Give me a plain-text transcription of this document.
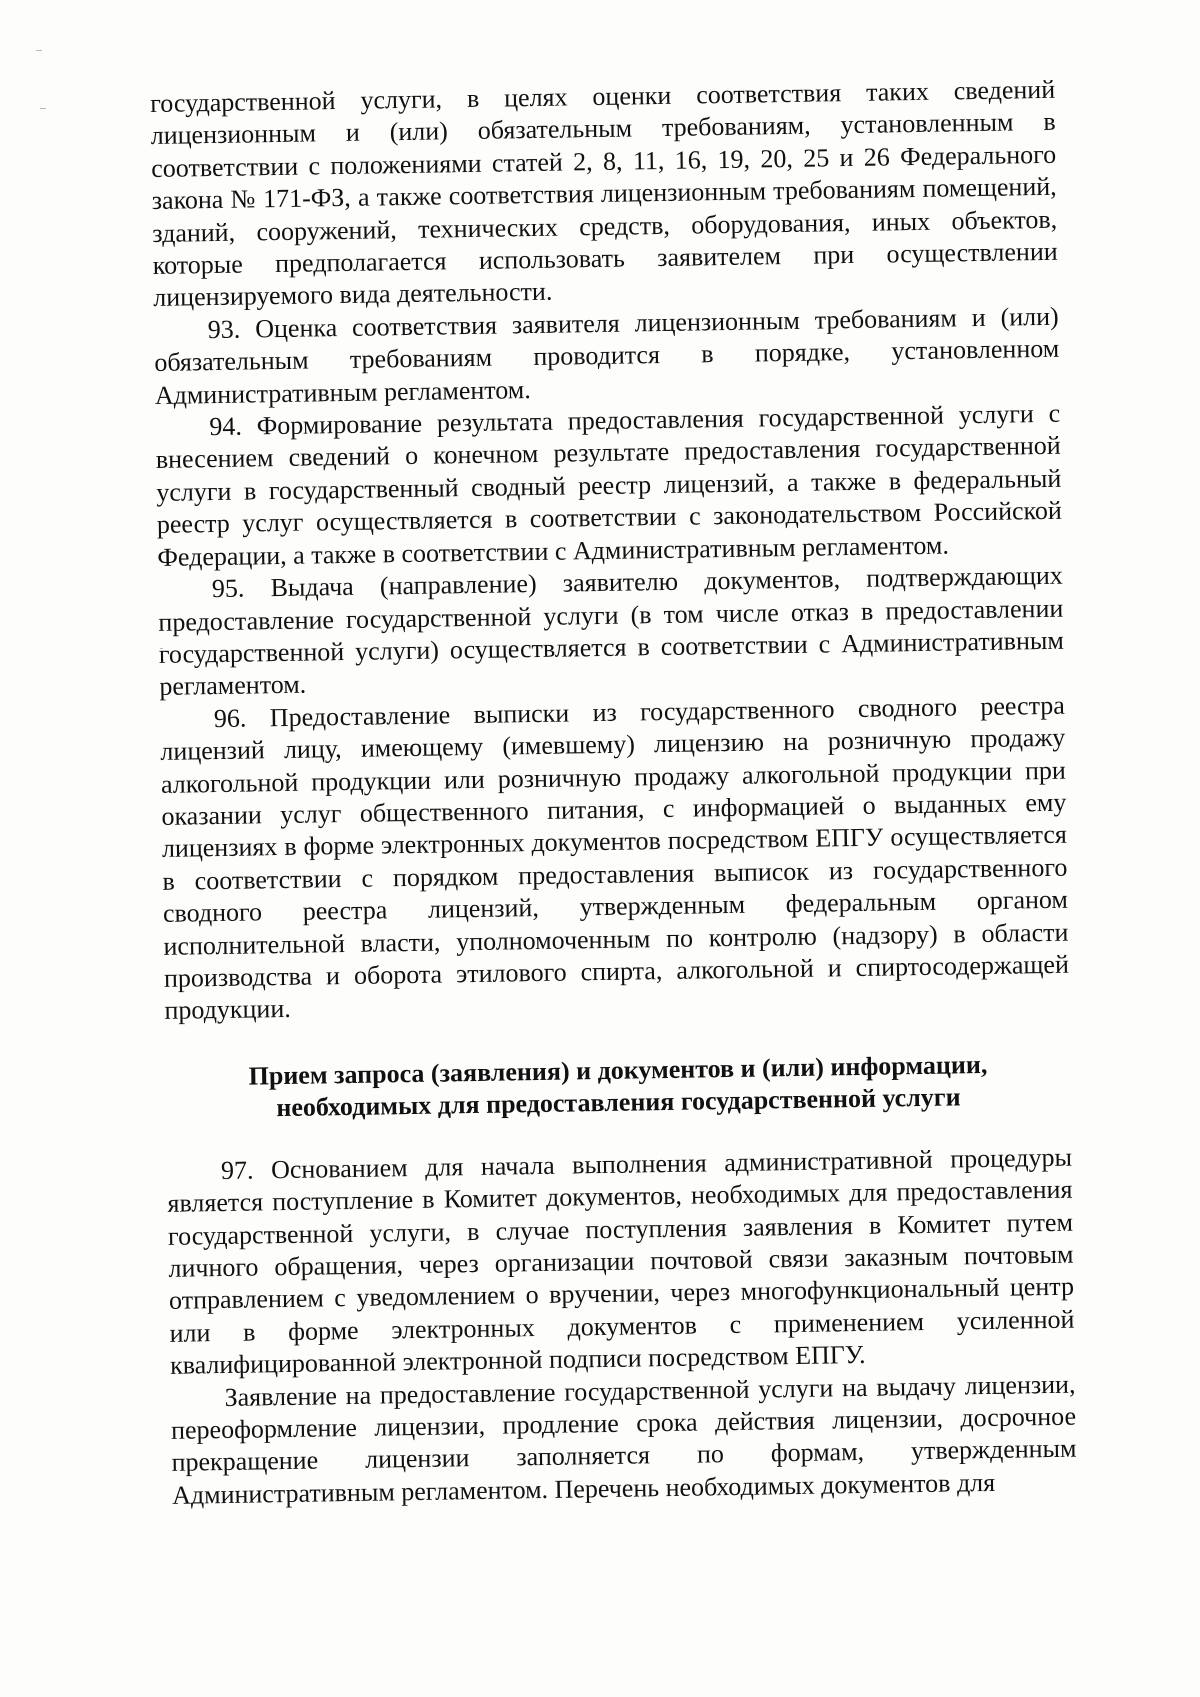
государственной услуги, в целях оценки соответствия таких сведений лицензионным и (или) обязательным требованиям, установленным в соответствии с положениями статей 2, 8, 11, 16, 19, 20, 25 и 26 Федерального закона № 171-ФЗ, а также соответствия лицензионным требованиям помещений, зданий, сооружений, технических средств, оборудования, иных объектов, которые предполагается использовать заявителем при осуществлении лицензируемого вида деятельности.

93. Оценка соответствия заявителя лицензионным требованиям и (или) обязательным требованиям проводится в порядке, установленном Административным регламентом.

94. Формирование результата предоставления государственной услуги с внесением сведений о конечном результате предоставления государственной услуги в государственный сводный реестр лицензий, а также в федеральный реестр услуг осуществляется в соответствии с законодательством Российской Федерации, а также в соответствии с Административным регламентом.

95. Выдача (направление) заявителю документов, подтверждающих предоставление государственной услуги (в том числе отказ в предоставлении государственной услуги) осуществляется в соответствии с Административным регламентом.

96. Предоставление выписки из государственного сводного реестра лицензий лицу, имеющему (имевшему) лицензию на розничную продажу алкогольной продукции или розничную продажу алкогольной продукции при оказании услуг общественного питания, с информацией о выданных ему лицензиях в форме электронных документов посредством ЕПГУ осуществляется в соответствии с порядком предоставления выписок из государственного сводного реестра лицензий, утвержденным федеральным органом исполнительной власти, уполномоченным по контролю (надзору) в области производства и оборота этилового спирта, алкогольной и спиртосодержащей продукции.

Прием запроса (заявления) и документов и (или) информации,
необходимых для предоставления государственной услуги

97. Основанием для начала выполнения административной процедуры является поступление в Комитет документов, необходимых для предоставления государственной услуги, в случае поступления заявления в Комитет путем личного обращения, через организации почтовой связи заказным почтовым отправлением с уведомлением о вручении, через многофункциональный центр или в форме электронных документов с применением усиленной квалифицированной электронной подписи посредством ЕПГУ.

Заявление на предоставление государственной услуги на выдачу лицензии, переоформление лицензии, продление срока действия лицензии, досрочное прекращение лицензии заполняется по формам, утвержденным Административным регламентом. Перечень необходимых документов для
